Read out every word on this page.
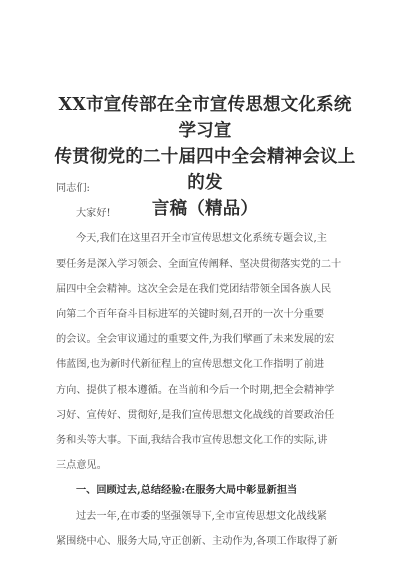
XX市宣传部在全市宣传思想文化系统学习宣
传贯彻党的二十届四中全会精神会议上的发
言稿（精品）

同志们:

大家好!

今天,我们在这里召开全市宣传思想文化系统专题会议,主
要任务是深入学习领会、全面宣传阐释、坚决贯彻落实党的二十
届四中全会精神。这次全会是在我们党团结带领全国各族人民
向第二个百年奋斗目标进军的关键时刻,召开的一次十分重要
的会议。全会审议通过的重要文件,为我们擘画了未来发展的宏
伟蓝图,也为新时代新征程上的宣传思想文化工作指明了前进
方向、提供了根本遵循。在当前和今后一个时期,把全会精神学
习好、宣传好、贯彻好,是我们宣传思想文化战线的首要政治任
务和头等大事。下面,我结合我市宣传思想文化工作的实际,讲
三点意见。

一、回顾过去,总结经验:在服务大局中彰显新担当

过去一年,在市委的坚强领导下,全市宣传思想文化战线紧
紧围绕中心、服务大局,守正创新、主动作为,各项工作取得了新
